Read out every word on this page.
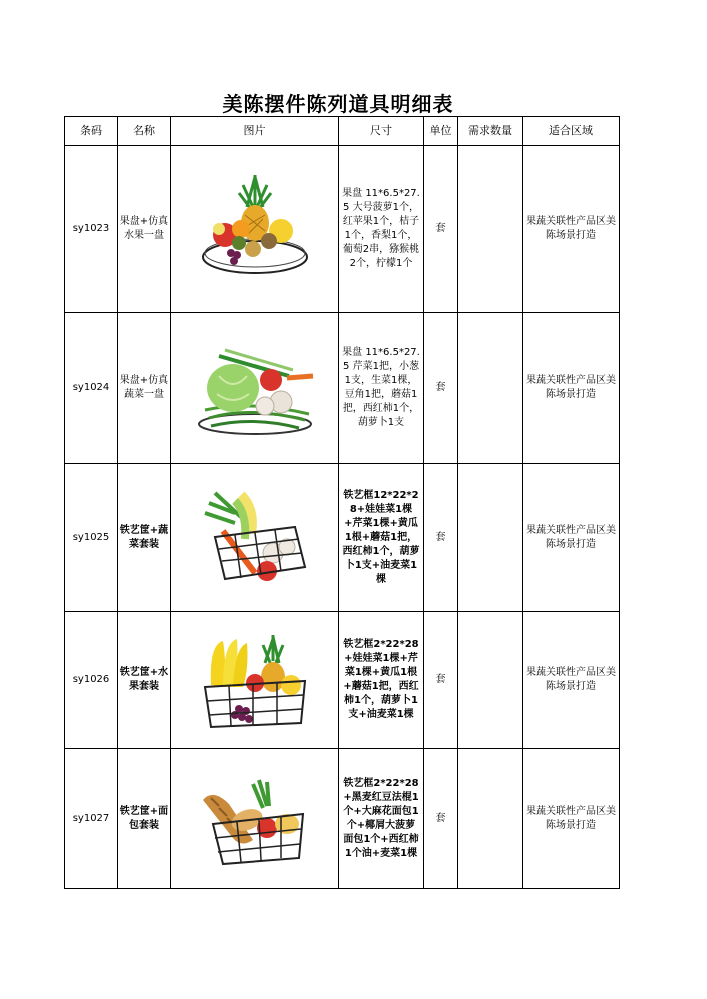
美陈摆件陈列道具明细表
条码	名称	图片	尺寸	单位	需求数量	适合区域
sy1023	果盘+仿真水果一盘		果盘 11*6.5*27.5 大号菠萝1个，红苹果1个，桔子1个，香梨1个，葡萄2串，猕猴桃2个，柠檬1个	套		果蔬关联性产品区美陈场景打造

sy1024	果盘+仿真蔬菜一盘		果盘 11*6.5*27.5 芹菜1把，小葱1支，生菜1棵，豆角1把，蘑菇1把，西红柿1个，葫萝卜1支	套		果蔬关联性产品区美陈场景打造

sy1025	铁艺筐+蔬菜套装		铁艺框12*22*28+娃娃菜1棵+芹菜1棵+黄瓜1根+蘑菇1把，西红柿1个，葫萝卜1支+油麦菜1棵	套		果蔬关联性产品区美陈场景打造

sy1026	铁艺筐+水果套装		铁艺框2*22*28+娃娃菜1棵+芹菜1棵+黄瓜1根+蘑菇1把，西红柿1个，葫萝卜1支+油麦菜1棵	套		果蔬关联性产品区美陈场景打造

sy1027	铁艺筐+面包套装		铁艺框2*22*28+黑麦红豆法棍1个+大麻花面包1个+椰屑大菠萝面包1个+西红柿1个油+麦菜1棵	套		果蔬关联性产品区美陈场景打造
